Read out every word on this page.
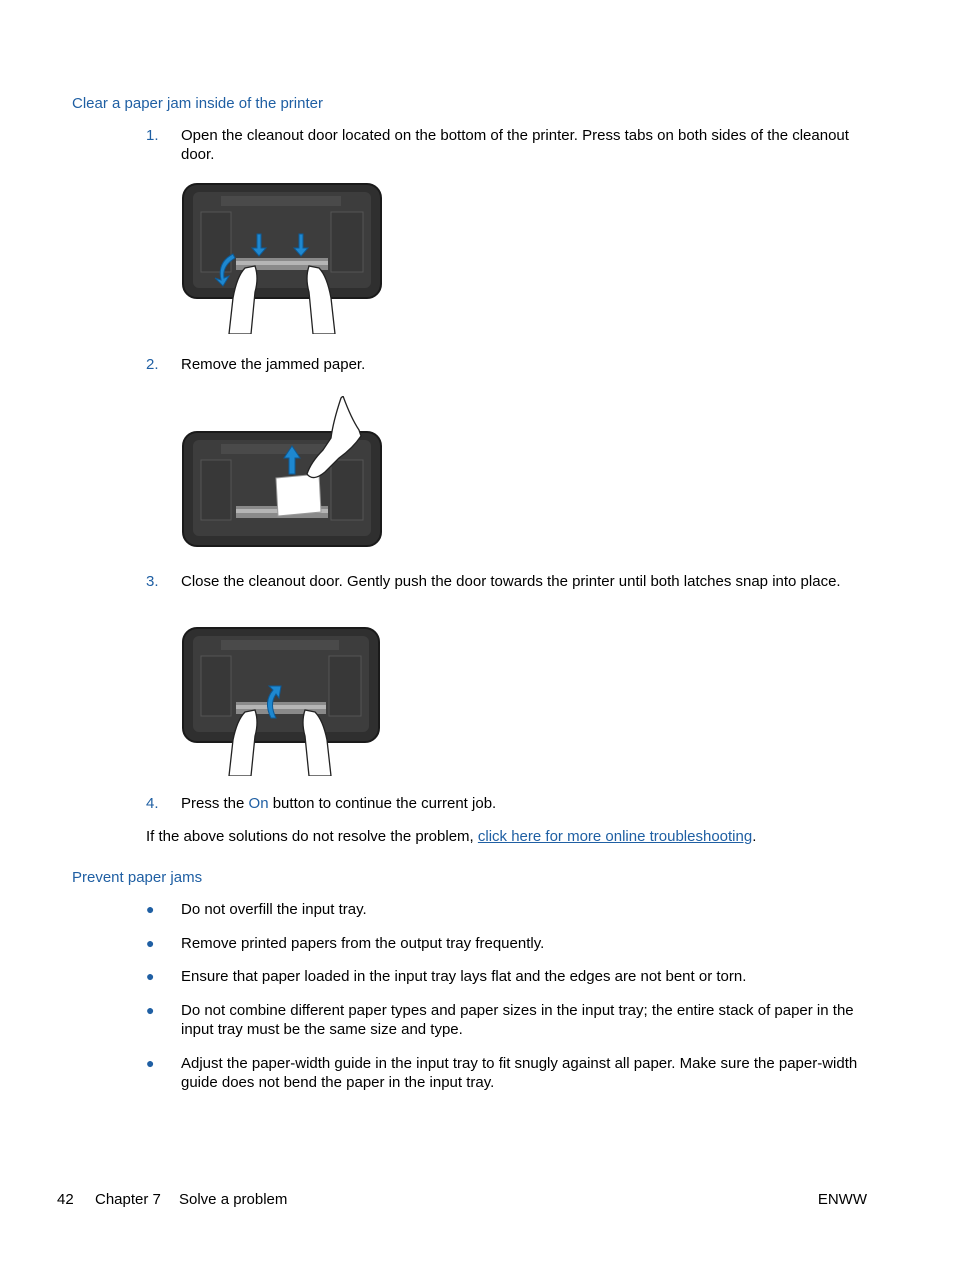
Clear a paper jam inside of the printer
1. Open the cleanout door located on the bottom of the printer. Press tabs on both sides of the cleanout door.
2. Remove the jammed paper.
3. Close the cleanout door. Gently push the door towards the printer until both latches snap into place.
4. Press the On button to continue the current job.
If the above solutions do not resolve the problem, click here for more online troubleshooting.
Prevent paper jams
● Do not overfill the input tray.
● Remove printed papers from the output tray frequently.
● Ensure that paper loaded in the input tray lays flat and the edges are not bent or torn.
● Do not combine different paper types and paper sizes in the input tray; the entire stack of paper in the input tray must be the same size and type.
● Adjust the paper-width guide in the input tray to fit snugly against all paper. Make sure the paper-width guide does not bend the paper in the input tray.
42 Chapter 7 Solve a problem	ENWW
